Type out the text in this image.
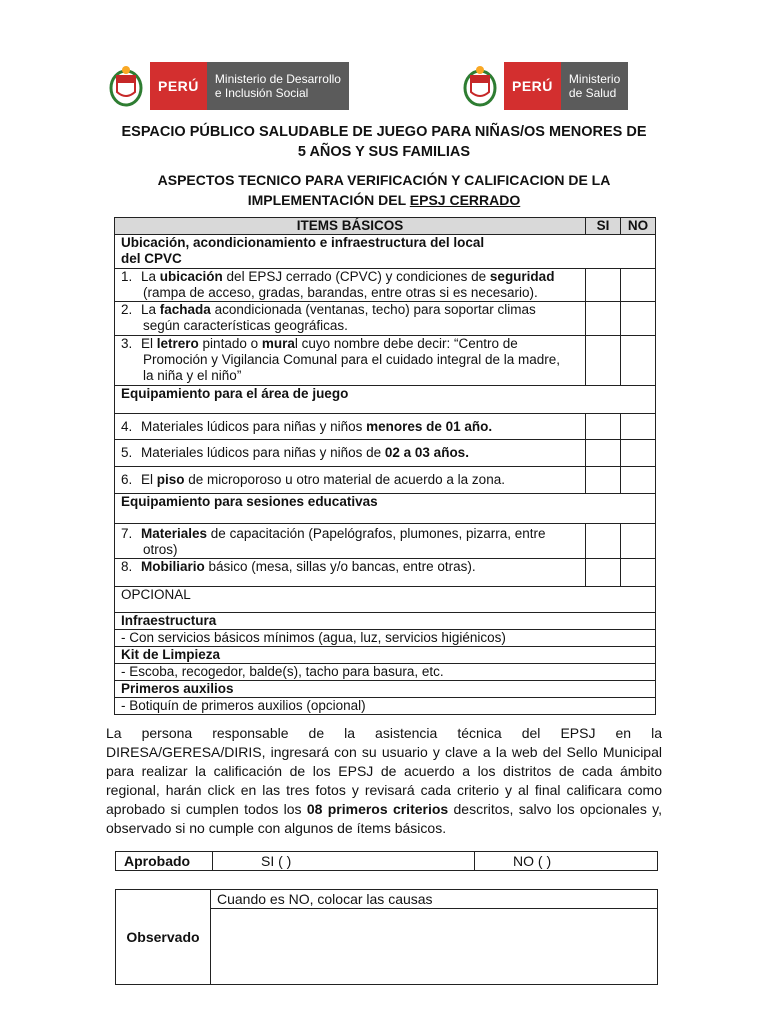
PERÚ	Ministerio de Desarrollo
e Inclusión Social	PERÚ	Ministerio
de Salud
ESPACIO PÚBLICO SALUDABLE DE JUEGO PARA NIÑAS/OS MENORES DE
5 AÑOS Y SUS FAMILIAS
ASPECTOS TECNICO PARA VERIFICACIÓN Y CALIFICACION DE LA
IMPLEMENTACIÓN DEL EPSJ CERRADO
ITEMS BÁSICOS	SI	NO

Ubicación, acondicionamiento e infraestructura del local
del CPVC		

1. La ubicación del EPSJ cerrado (CPVC) y condiciones de seguridad
(rampa de acceso, gradas, barandas, entre otras si es necesario).		

2. La fachada acondicionada (ventanas, techo) para soportar climas
según características geográficas.		

3. El letrero pintado o mural cuyo nombre debe decir: “Centro de
Promoción y Vigilancia Comunal para el cuidado integral de la madre,
la niña y el niño”		

Equipamiento para el área de juego		
4. Materiales lúdicos para niñas y niños menores de 01 año.		
5. Materiales lúdicos para niñas y niños de 02 a 03 años.		
6. El piso de microporoso u otro material de acuerdo a la zona.		
Equipamiento para sesiones educativas		
7. Materiales de capacitación (Papelógrafos, plumones, pizarra, entre
otros)		

8. Mobiliario básico (mesa, sillas y/o bancas, entre otras).		
OPCIONAL		
Infraestructura		
- Con servicios básicos mínimos (agua, luz, servicios higiénicos)		
Kit de Limpieza		
- Escoba, recogedor, balde(s), tacho para basura, etc.		
Primeros auxilios		
- Botiquín de primeros auxilios (opcional)		
La persona responsable de la asistencia técnica del EPSJ en la DIRESA/GERESA/DIRIS, ingresará con su usuario y clave a la web del Sello Municipal para realizar la calificación de los EPSJ de acuerdo a los distritos de cada ámbito regional, harán click en las tres fotos y revisará cada criterio y al final calificara como aprobado si cumplen todos los 08 primeros criterios descritos, salvo los opcionales y, observado si no cumple con algunos de ítems básicos.
Aprobado	SI ( )	NO ( )
Observado	Cuando es NO, colocar las causas
